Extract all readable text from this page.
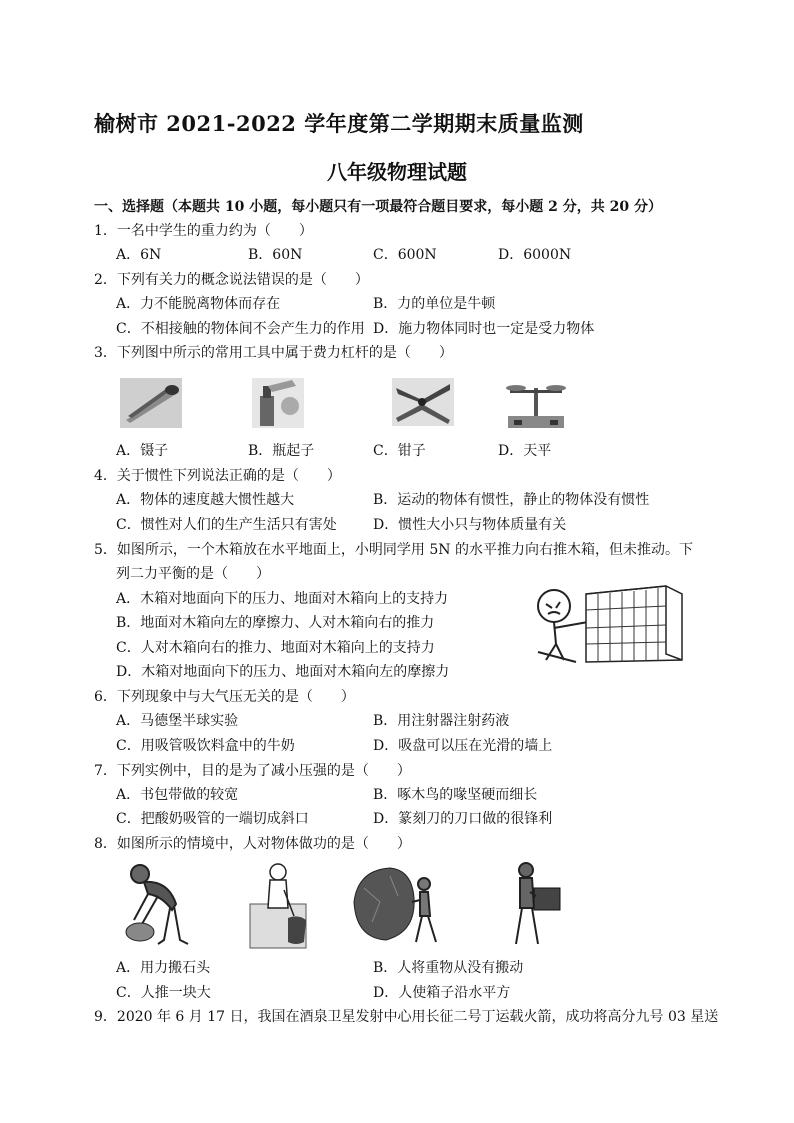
榆树市 2021-2022 学年度第二学期期末质量监测
八年级物理试题
一、选择题（本题共 10 小题，每小题只有一项最符合题目要求，每小题 2 分，共 20 分）
1．一名中学生的重力约为（　　）
A．6N	B．60N	C．600N	D．6000N
2．下列有关力的概念说法错误的是（　　）
A．力不能脱离物体而存在	B．力的单位是牛顿
C．不相接触的物体间不会产生力的作用 D．施力物体同时也一定是受力物体
3．下列图中所示的常用工具中属于费力杠杆的是（　　）
A．镊子	B．瓶起子	C．钳子	D．天平
4．关于惯性下列说法正确的是（　　）
A．物体的速度越大惯性越大	B．运动的物体有惯性，静止的物体没有惯性
C．惯性对人们的生产生活只有害处	D．惯性大小只与物体质量有关
5．如图所示，一个木箱放在水平地面上，小明同学用 5N 的水平推力向右推木箱，但未推动。下
列二力平衡的是（　　）
A．木箱对地面向下的压力、地面对木箱向上的支持力
B．地面对木箱向左的摩擦力、人对木箱向右的推力
C．人对木箱向右的推力、地面对木箱向上的支持力
D．木箱对地面向下的压力、地面对木箱向左的摩擦力
6．下列现象中与大气压无关的是（　　）
A．马德堡半球实验	B．用注射器注射药液
C．用吸管吸饮料盒中的牛奶	D．吸盘可以压在光滑的墙上
7．下列实例中，目的是为了减小压强的是（　　）
A．书包带做的较宽	B．啄木鸟的喙坚硬而细长
C．把酸奶吸管的一端切成斜口	D．篆刻刀的刀口做的很锋利
8．如图所示的情境中，人对物体做功的是（　　）
A．用力搬石头	B．人将重物从没有搬动
C．人推一块大	D．人使箱子沿水平方
9．2020 年 6 月 17 日，我国在酒泉卫星发射中心用长征二号丁运载火箭，成功将高分九号 03 星送
